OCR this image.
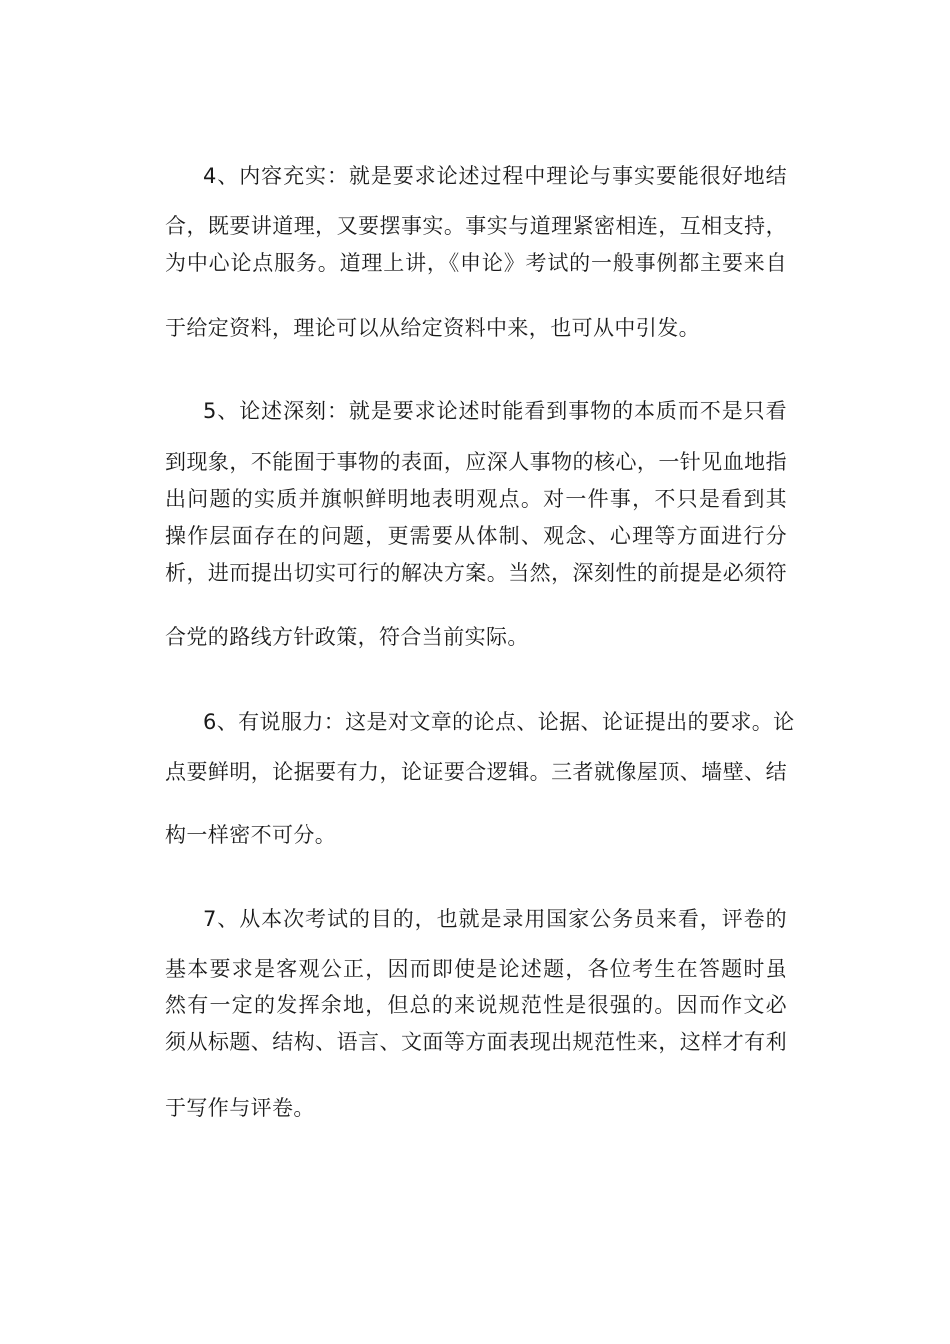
4、内容充实：就是要求论述过程中理论与事实要能很好地结
合，既要讲道理，又要摆事实。事实与道理紧密相连，互相支持，
为中心论点服务。道理上讲，《申论》考试的一般事例都主要来自
于给定资料，理论可以从给定资料中来，也可从中引发。
5、论述深刻：就是要求论述时能看到事物的本质而不是只看
到现象，不能囿于事物的表面，应深人事物的核心，一针见血地指
出问题的实质并旗帜鲜明地表明观点。对一件事，不只是看到其
操作层面存在的问题，更需要从体制、观念、心理等方面进行分
析，进而提出切实可行的解决方案。当然，深刻性的前提是必须符
合党的路线方针政策，符合当前实际。
6、有说服力：这是对文章的论点、论据、论证提出的要求。论
点要鲜明，论据要有力，论证要合逻辑。三者就像屋顶、墙壁、结
构一样密不可分。
7、从本次考试的目的，也就是录用国家公务员来看，评卷的
基本要求是客观公正，因而即使是论述题，各位考生在答题时虽
然有一定的发挥余地，但总的来说规范性是很强的。因而作文必
须从标题、结构、语言、文面等方面表现出规范性来，这样才有利
于写作与评卷。
